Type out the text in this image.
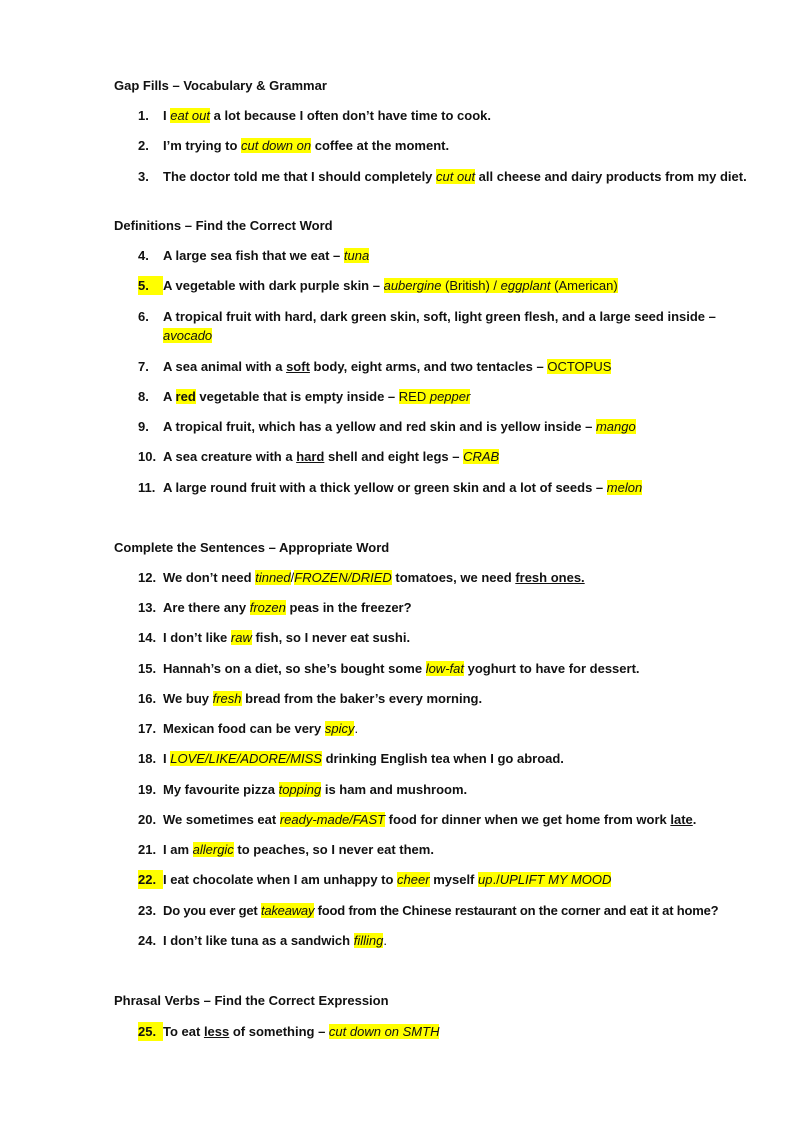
Gap Fills – Vocabulary & Grammar
Definitions – Find the Correct Word
Complete the Sentences – Appropriate Word
Phrasal Verbs – Find the Correct Expression
1.	I eat out a lot because I often don’t have time to cook.
2.	I’m trying to cut down on coffee at the moment.
3.	The doctor told me that I should completely cut out all cheese and dairy products from my diet.
4.	A large sea fish that we eat – tuna
5.	A vegetable with dark purple skin – aubergine (British) / eggplant (American)
6.	A tropical fruit with hard, dark green skin, soft, light green flesh, and a large seed inside – avocado
7.	A sea animal with a soft body, eight arms, and two tentacles – OCTOPUS
8.	A red vegetable that is empty inside – RED pepper
9.	A tropical fruit, which has a yellow and red skin and is yellow inside – mango
10. A sea creature with a hard shell and eight legs – CRAB
11. A large round fruit with a thick yellow or green skin and a lot of seeds – melon
12. We don’t need tinned/FROZEN/DRIED tomatoes, we need fresh ones.
13. Are there any frozen peas in the freezer?
14. I don’t like raw fish, so I never eat sushi.
15. Hannah’s on a diet, so she’s bought some low-fat yoghurt to have for dessert.
16. We buy fresh bread from the baker’s every morning.
17. Mexican food can be very spicy.
18. I LOVE/LIKE/ADORE/MISS drinking English tea when I go abroad.
19. My favourite pizza topping is ham and mushroom.
20. We sometimes eat ready-made/FAST food for dinner when we get home from work late.
21. I am allergic to peaches, so I never eat them.
22. I eat chocolate when I am unhappy to cheer myself up./UPLIFT MY MOOD
23. Do you ever get takeaway food from the Chinese restaurant on the corner and eat it at home?
24. I don’t like tuna as a sandwich filling.
25. To eat less of something – cut down on SMTH
